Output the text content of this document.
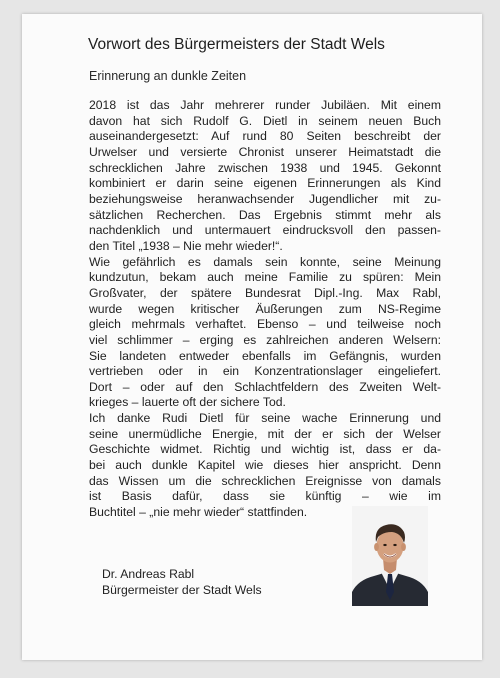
Vorwort des Bürgermeisters der Stadt Wels
Erinnerung an dunkle Zeiten
2018 ist das Jahr mehrerer runder Jubiläen. Mit einem
davon hat sich Rudolf G. Dietl in seinem neuen Buch
auseinandergesetzt: Auf rund 80 Seiten beschreibt der
Urwelser und versierte Chronist unserer Heimatstadt die
schrecklichen Jahre zwischen 1938 und 1945. Gekonnt
kombiniert er darin seine eigenen Erinnerungen als Kind
beziehungsweise heranwachsender Jugendlicher mit zu-
sätzlichen Recherchen. Das Ergebnis stimmt mehr als
nachdenklich und untermauert eindrucksvoll den passen-
den Titel „1938 – Nie mehr wieder!“.
Wie gefährlich es damals sein konnte, seine Meinung
kundzutun, bekam auch meine Familie zu spüren: Mein
Großvater, der spätere Bundesrat Dipl.-Ing. Max Rabl,
wurde wegen kritischer Äußerungen zum NS-Regime
gleich mehrmals verhaftet. Ebenso – und teilweise noch
viel schlimmer – erging es zahlreichen anderen Welsern:
Sie landeten entweder ebenfalls im Gefängnis, wurden
vertrieben oder in ein Konzentrationslager eingeliefert.
Dort – oder auf den Schlachtfeldern des Zweiten Welt-
krieges – lauerte oft der sichere Tod.
Ich danke Rudi Dietl für seine wache Erinnerung und
seine unermüdliche Energie, mit der er sich der Welser
Geschichte widmet. Richtig und wichtig ist, dass er da-
bei auch dunkle Kapitel wie dieses hier anspricht. Denn
das Wissen um die schrecklichen Ereignisse von damals
ist Basis dafür, dass sie künftig – wie im
Buchtitel – „nie mehr wieder“ stattfinden.
Dr. Andreas Rabl
Bürgermeister der Stadt Wels
